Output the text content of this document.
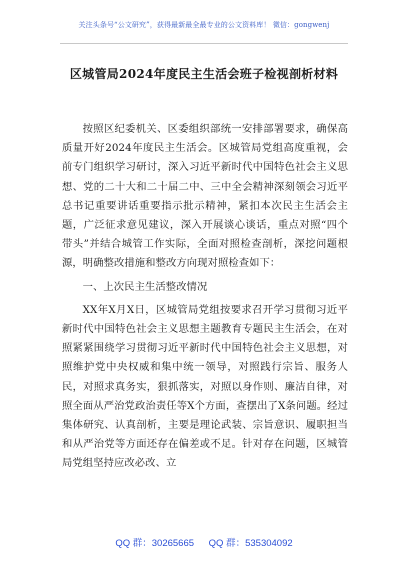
关注头条号“公文研究”，获得最新最全最专业的公文资料库！ 微信：gongwenj
区城管局2024年度民主生活会班子检视剖析材料

按照区纪委机关、区委组织部统一安排部署要求，确保高质量开好2024年度民主生活会。区城管局党组高度重视，会前专门组织学习研讨，深入习近平新时代中国特色社会主义思想、党的二十大和二十届二中、三中全会精神深刻领会习近平总书记重要讲话重要指示批示精神，紧扣本次民主生活会主题，广泛征求意见建议，深入开展谈心谈话，重点对照“四个带头”并结合城管工作实际，全面对照检查剖析，深挖问题根源，明确整改措施和整改方向现对照检查如下：

一、上次民主生活整改情况

XX年X月X日，区城管局党组按要求召开学习贯彻习近平新时代中国特色社会主义思想主题教育专题民主生活会，在对照紧紧围绕学习贯彻习近平新时代中国特色社会主义思想，对照维护党中央权威和集中统一领导，对照践行宗旨、服务人民，对照求真务实，狠抓落实，对照以身作则、廉洁自律，对照全面从严治党政治责任等X个方面，查摆出了X条问题。经过集体研究、认真剖析，主要是理论武装、宗旨意识、履职担当和从严治党等方面还存在偏差或不足。针对存在问题，区城管局党组坚持应改必改、立

QQ 群：30265665 QQ 群：535304092
